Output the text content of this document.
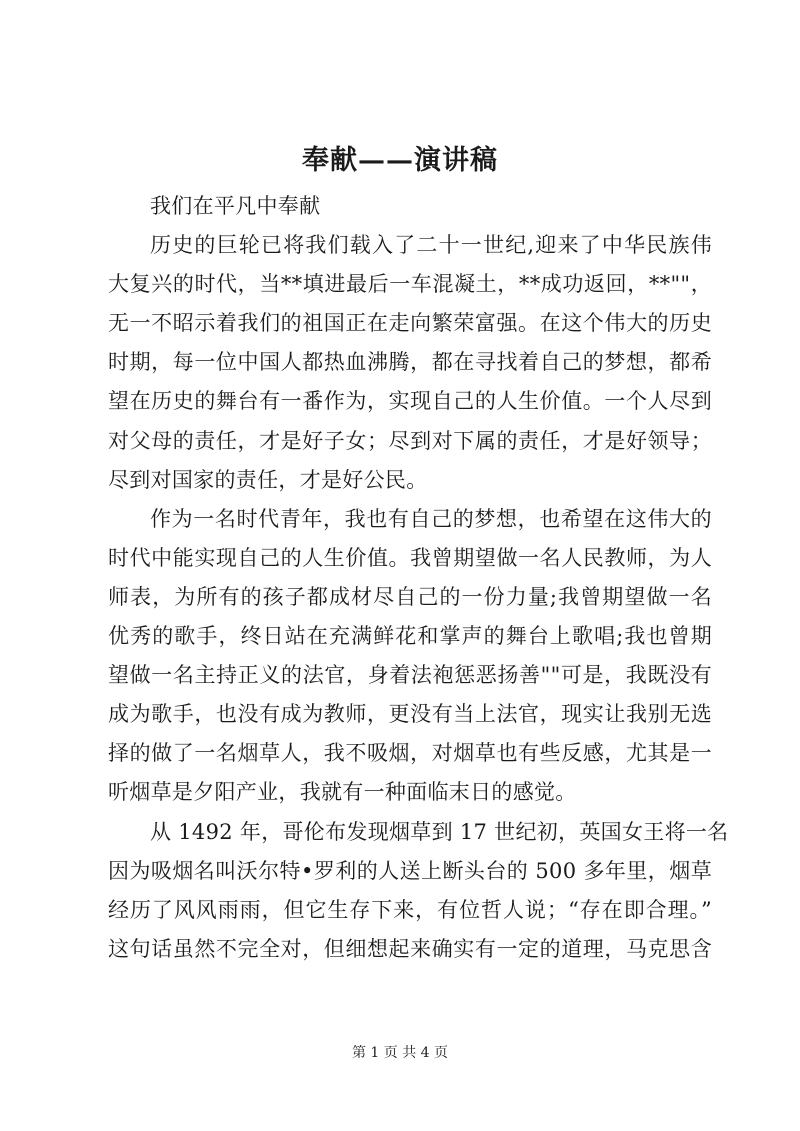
奉献——演讲稿
我们在平凡中奉献
历史的巨轮已将我们载入了二十一世纪,迎来了中华民族伟
大复兴的时代，当**填进最后一车混凝土，**成功返回，**""，
无一不昭示着我们的祖国正在走向繁荣富强。在这个伟大的历史
时期，每一位中国人都热血沸腾，都在寻找着自己的梦想，都希
望在历史的舞台有一番作为，实现自己的人生价值。一个人尽到
对父母的责任，才是好子女；尽到对下属的责任，才是好领导；
尽到对国家的责任，才是好公民。
作为一名时代青年，我也有自己的梦想，也希望在这伟大的
时代中能实现自己的人生价值。我曾期望做一名人民教师，为人
师表，为所有的孩子都成材尽自己的一份力量;我曾期望做一名
优秀的歌手，终日站在充满鲜花和掌声的舞台上歌唱;我也曾期
望做一名主持正义的法官，身着法袍惩恶扬善""可是，我既没有
成为歌手，也没有成为教师，更没有当上法官，现实让我别无选
择的做了一名烟草人，我不吸烟，对烟草也有些反感，尤其是一
听烟草是夕阳产业，我就有一种面临末日的感觉。
从 1492 年，哥伦布发现烟草到 17 世纪初，英国女王将一名
因为吸烟名叫沃尔特•罗利的人送上断头台的 500 多年里，烟草
经历了风风雨雨，但它生存下来，有位哲人说；“存在即合理。”
这句话虽然不完全对，但细想起来确实有一定的道理，马克思含
第 1 页 共 4 页
